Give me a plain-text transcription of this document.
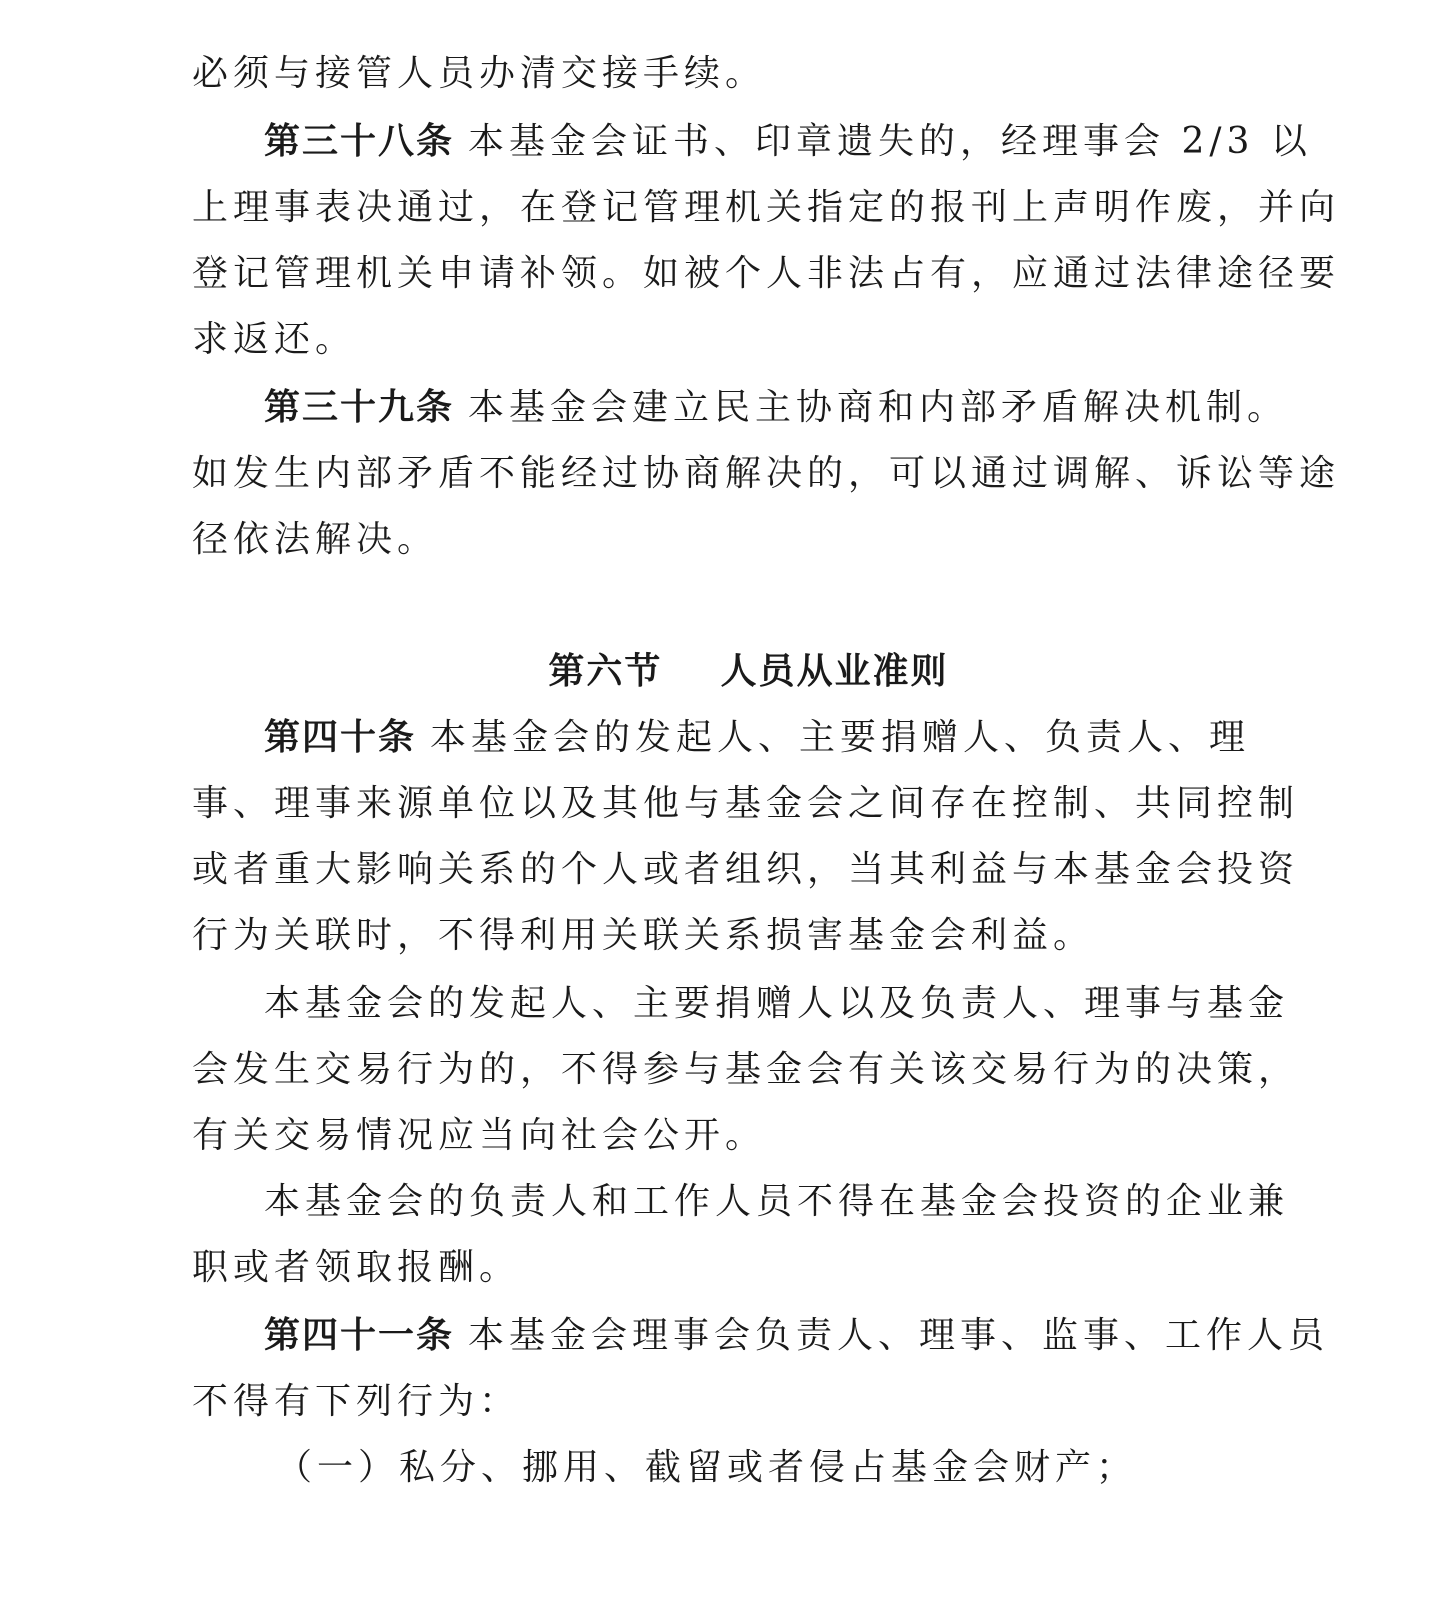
必须与接管人员办清交接手续。
第三十八条 本基金会证书、印章遗失的，经理事会 2/3 以
上理事表决通过，在登记管理机关指定的报刊上声明作废，并向
登记管理机关申请补领。如被个人非法占有，应通过法律途径要
求返还。
第三十九条 本基金会建立民主协商和内部矛盾解决机制。
如发生内部矛盾不能经过协商解决的，可以通过调解、诉讼等途
径依法解决。
第六节    人员从业准则
第四十条 本基金会的发起人、主要捐赠人、负责人、理
事、理事来源单位以及其他与基金会之间存在控制、共同控制
或者重大影响关系的个人或者组织，当其利益与本基金会投资
行为关联时，不得利用关联关系损害基金会利益。
本基金会的发起人、主要捐赠人以及负责人、理事与基金
会发生交易行为的，不得参与基金会有关该交易行为的决策，
有关交易情况应当向社会公开。
本基金会的负责人和工作人员不得在基金会投资的企业兼
职或者领取报酬。
第四十一条 本基金会理事会负责人、理事、监事、工作人员
不得有下列行为：
（一）私分、挪用、截留或者侵占基金会财产；
